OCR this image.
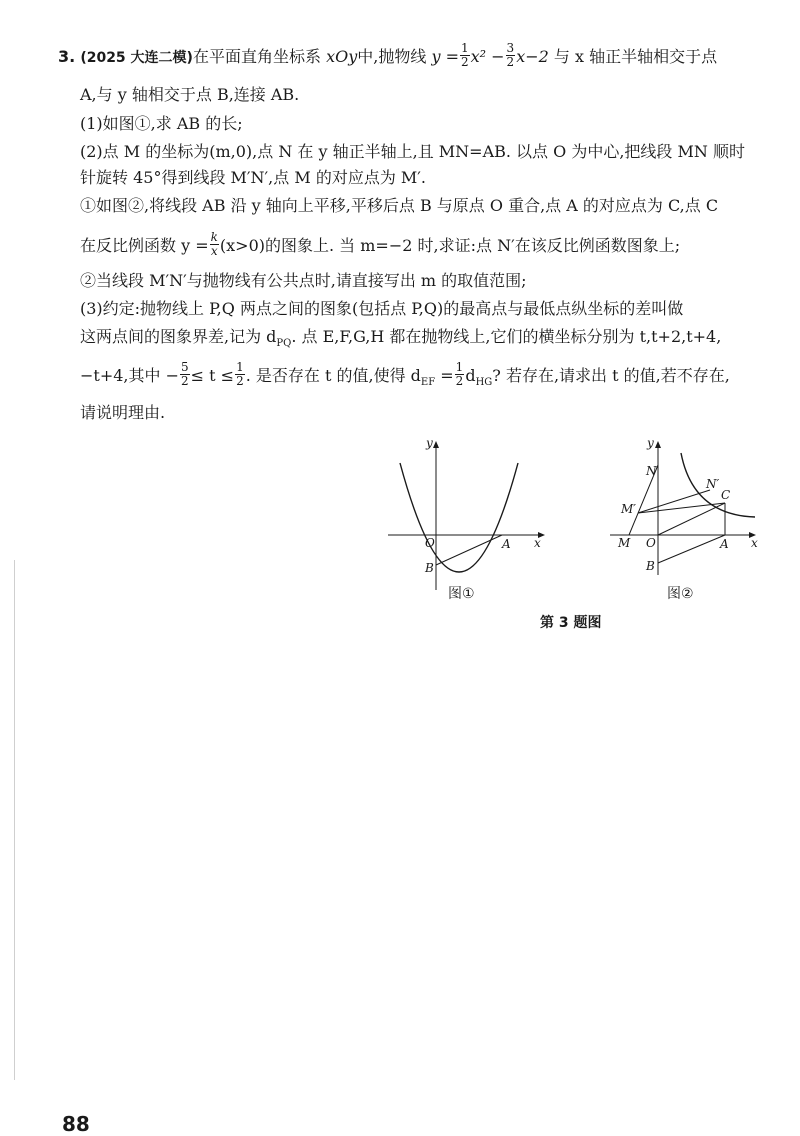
3. (2025 大连二模)在平面直角坐标系 xOy中,抛物线 $y = \frac{1}{2} x^2 - \frac{3}{2} x-2$ 与 x 轴正半轴相交于点
A,与 y 轴相交于点 B,连接 AB.
(1)如图①,求 AB 的长;
(2)点 M 的坐标为(m,0),点 N 在 y 轴正半轴上,且 MN=AB. 以点 O 为中心,把线段 MN 顺时
针旋转 45°得到线段 M′N′,点 M 的对应点为 M′.
①如图②,将线段 AB 沿 y 轴向上平移,平移后点 B 与原点 O 重合,点 A 的对应点为 C,点 C
在反比例函数 $y = \frac{k}{x} (x>0)$的图象上. 当 m=−2 时,求证:点 N′在该反比例函数图象上;
②当线段 M′N′与抛物线有公共点时,请直接写出 m 的取值范围;
(3)约定:抛物线上 P,Q 两点之间的图象(包括点 P,Q)的最高点与最低点纵坐标的差叫做
这两点间的图象界差,记为 $d_{PQ}$. 点 E,F,G,H 都在抛物线上,它们的横坐标分别为 t,t+2,t+4,
−t+4,其中 − $\frac{5}{2} \le t \le \frac{1}{2}$ . 是否存在 t 的值,使得 $d_{EF} = \frac{1}{2} d_{HG}$? 若存在,请求出 t 的值,若不存在,
请说明理由.
y
x
O	A
B
图①
y
x
O	A
B
C
M
N
M′
N′
图②
第 3 题图
88
